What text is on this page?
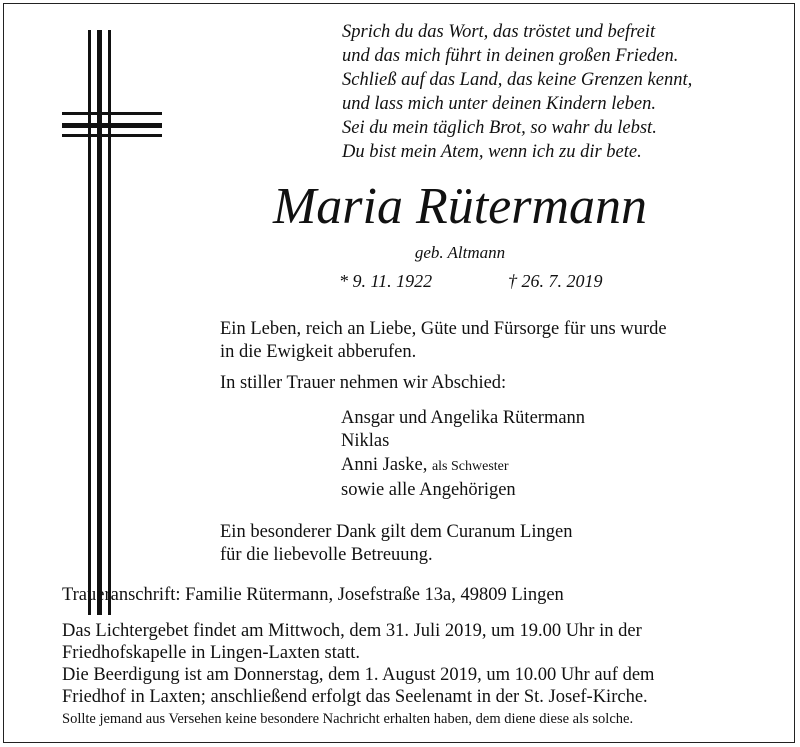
Sprich du das Wort, das tröstet und befreit
und das mich führt in deinen großen Frieden.
Schließ auf das Land, das keine Grenzen kennt,
und lass mich unter deinen Kindern leben.
Sei du mein täglich Brot, so wahr du lebst.
Du bist mein Atem, wenn ich zu dir bete.
Maria Rütermann
geb. Altmann
* 9. 11. 1922	† 26. 7. 2019
Ein Leben, reich an Liebe, Güte und Fürsorge für uns wurde
in die Ewigkeit abberufen.
In stiller Trauer nehmen wir Abschied:
Ansgar und Angelika Rütermann
Niklas
Anni Jaske, als Schwester
sowie alle Angehörigen
Ein besonderer Dank gilt dem Curanum Lingen
für die liebevolle Betreuung.
Traueranschrift: Familie Rütermann, Josefstraße 13a, 49809 Lingen
Das Lichtergebet findet am Mittwoch, dem 31. Juli 2019, um 19.00 Uhr in der
Friedhofskapelle in Lingen-Laxten statt.
Die Beerdigung ist am Donnerstag, dem 1. August 2019, um 10.00 Uhr auf dem
Friedhof in Laxten; anschließend erfolgt das Seelenamt in der St. Josef-Kirche.
Sollte jemand aus Versehen keine besondere Nachricht erhalten haben, dem diene diese als solche.
